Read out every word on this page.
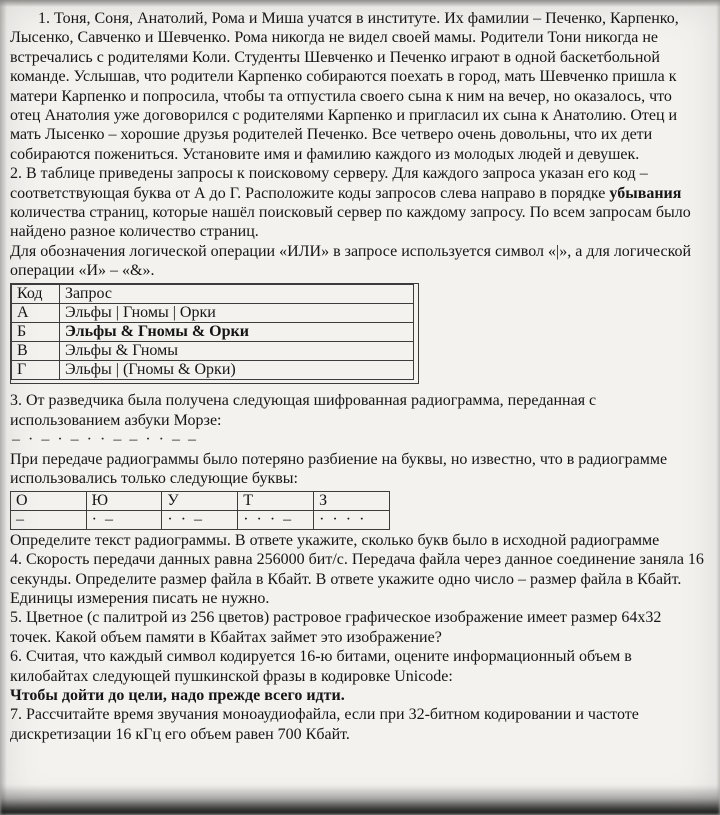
1. Тоня, Соня, Анатолий, Рома и Миша учатся в институте. Их фамилии – Печенко, Карпенко, Лысенко, Савченко и Шевченко. Рома никогда не видел своей мамы. Родители Тони никогда не встречались с родителями Коли. Студенты Шевченко и Печенко играют в одной баскетбольной команде. Услышав, что родители Карпенко собираются поехать в город, мать Шевченко пришла к матери Карпенко и попросила, чтобы та отпустила своего сына к ним на вечер, но оказалось, что отец Анатолия уже договорился с родителями Карпенко и пригласил их сына к Анатолию. Отец и мать Лысенко – хорошие друзья родителей Печенко. Все четверо очень довольны, что их дети собираются пожениться. Установите имя и фамилию каждого из молодых людей и девушек.

2. В таблице приведены запросы к поисковому серверу. Для каждого запроса указан его код – соответствующая буква от А до Г. Расположите коды запросов слева направо в порядке убывания количества страниц, которые нашёл поисковый сервер по каждому запросу. По всем запросам было найдено разное количество страниц.

Для обозначения логической операции «ИЛИ» в запросе используется символ «|», а для логической операции «И» – «&».

Код	Запрос
А	Эльфы | Гномы | Орки
Б	Эльфы & Гномы & Орки
В	Эльфы & Гномы
Г	Эльфы | (Гномы & Орки)

3. От разведчика была получена следующая шифрованная радиограмма, переданная с использованием азбуки Морзе:

– · – · – · · – – · · – –

При передаче радиограммы было потеряно разбиение на буквы, но известно, что в радиограмме использовались только следующие буквы:

О	Ю	У	Т	З
–	· –	· · –	· · · –	· · · ·

Определите текст радиограммы. В ответе укажите, сколько букв было в исходной радиограмме

4. Скорость передачи данных равна 256000 бит/с. Передача файла через данное соединение заняла 16 секунды. Определите размер файла в Кбайт. В ответе укажите одно число – размер файла в Кбайт. Единицы измерения писать не нужно.

5. Цветное (с палитрой из 256 цветов) растровое графическое изображение имеет размер 64x32 точек. Какой объем памяти в Кбайтах займет это изображение?

6. Считая, что каждый символ кодируется 16-ю битами, оцените информационный объем в килобайтах следующей пушкинской фразы в кодировке Unicode:

Чтобы дойти до цели, надо прежде всего идти.

7. Рассчитайте время звучания моноаудиофайла, если при 32-битном кодировании и частоте дискретизации 16 кГц его объем равен 700 Кбайт.
